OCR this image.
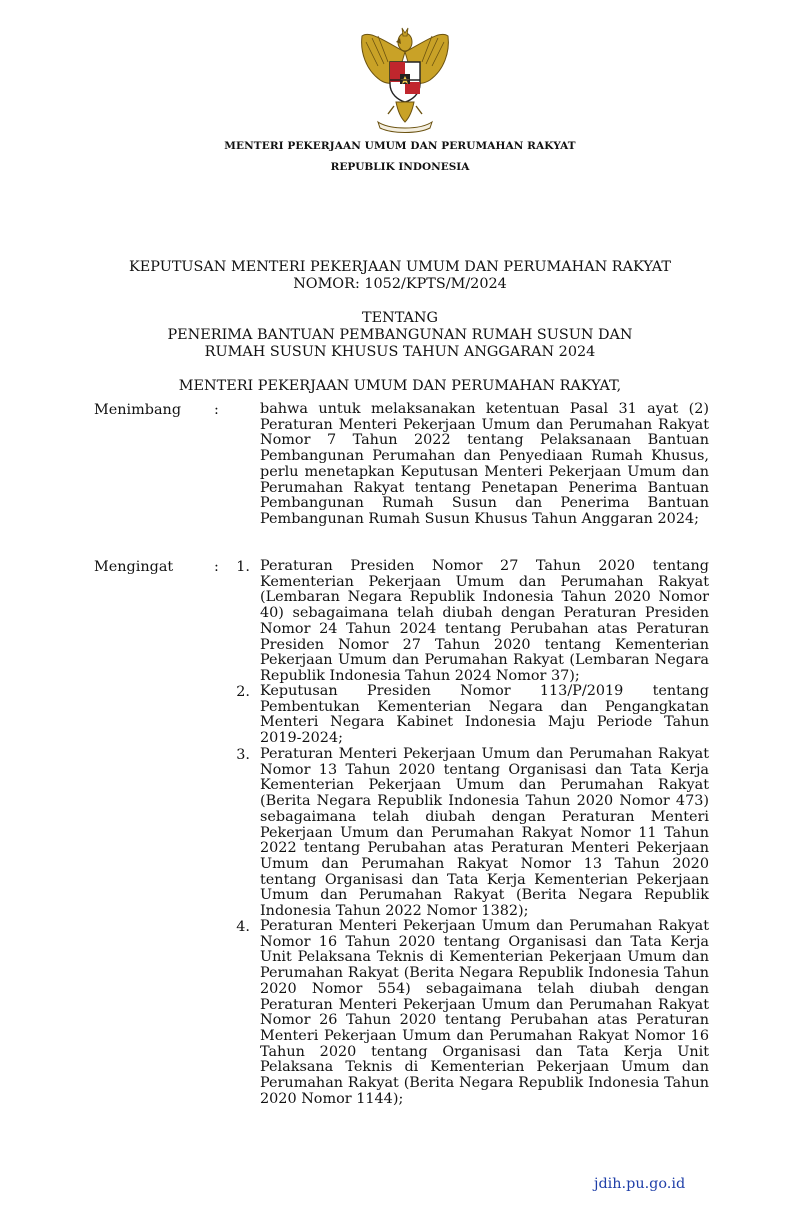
MENTERI PEKERJAAN UMUM DAN PERUMAHAN RAKYAT
REPUBLIK INDONESIA
KEPUTUSAN MENTERI PEKERJAAN UMUM DAN PERUMAHAN RAKYAT
NOMOR: 1052/KPTS/M/2024
TENTANG
PENERIMA BANTUAN PEMBANGUNAN RUMAH SUSUN DAN
RUMAH SUSUN KHUSUS TAHUN ANGGARAN 2024
MENTERI PEKERJAAN UMUM DAN PERUMAHAN RAKYAT,
Menimbang :	bahwa untuk melaksanakan ketentuan Pasal 31 ayat (2) Peraturan Menteri Pekerjaan Umum dan Perumahan Rakyat Nomor 7 Tahun 2022 tentang Pelaksanaan Bantuan Pembangunan Perumahan dan Penyediaan Rumah Khusus, perlu menetapkan Keputusan Menteri Pekerjaan Umum dan Perumahan Rakyat tentang Penetapan Penerima Bantuan Pembangunan Rumah Susun dan Penerima Bantuan Pembangunan Rumah Susun Khusus Tahun Anggaran 2024;
Mengingat	:	1. Peraturan Presiden Nomor 27 Tahun 2020 tentang Kementerian Pekerjaan Umum dan Perumahan Rakyat (Lembaran Negara Republik Indonesia Tahun 2020 Nomor 40) sebagaimana telah diubah dengan Peraturan Presiden Nomor 24 Tahun 2024 tentang Perubahan atas Peraturan Presiden Nomor 27 Tahun 2020 tentang Kementerian Pekerjaan Umum dan Perumahan Rakyat (Lembaran Negara Republik Indonesia Tahun 2024 Nomor 37);
2. Keputusan Presiden Nomor 113/P/2019 tentang Pembentukan Kementerian Negara dan Pengangkatan Menteri Negara Kabinet Indonesia Maju Periode Tahun 2019-2024;
3. Peraturan Menteri Pekerjaan Umum dan Perumahan Rakyat Nomor 13 Tahun 2020 tentang Organisasi dan Tata Kerja Kementerian Pekerjaan Umum dan Perumahan Rakyat (Berita Negara Republik Indonesia Tahun 2020 Nomor 473) sebagaimana telah diubah dengan Peraturan Menteri Pekerjaan Umum dan Perumahan Rakyat Nomor 11 Tahun 2022 tentang Perubahan atas Peraturan Menteri Pekerjaan Umum dan Perumahan Rakyat Nomor 13 Tahun 2020 tentang Organisasi dan Tata Kerja Kementerian Pekerjaan Umum dan Perumahan Rakyat (Berita Negara Republik Indonesia Tahun 2022 Nomor 1382);
4. Peraturan Menteri Pekerjaan Umum dan Perumahan Rakyat Nomor 16 Tahun 2020 tentang Organisasi dan Tata Kerja Unit Pelaksana Teknis di Kementerian Pekerjaan Umum dan Perumahan Rakyat (Berita Negara Republik Indonesia Tahun 2020 Nomor 554) sebagaimana telah diubah dengan Peraturan Menteri Pekerjaan Umum dan Perumahan Rakyat Nomor 26 Tahun 2020 tentang Perubahan atas Peraturan Menteri Pekerjaan Umum dan Perumahan Rakyat Nomor 16 Tahun 2020 tentang Organisasi dan Tata Kerja Unit Pelaksana Teknis di Kementerian Pekerjaan Umum dan Perumahan Rakyat (Berita Negara Republik Indonesia Tahun 2020 Nomor 1144);
jdih.pu.go.id
